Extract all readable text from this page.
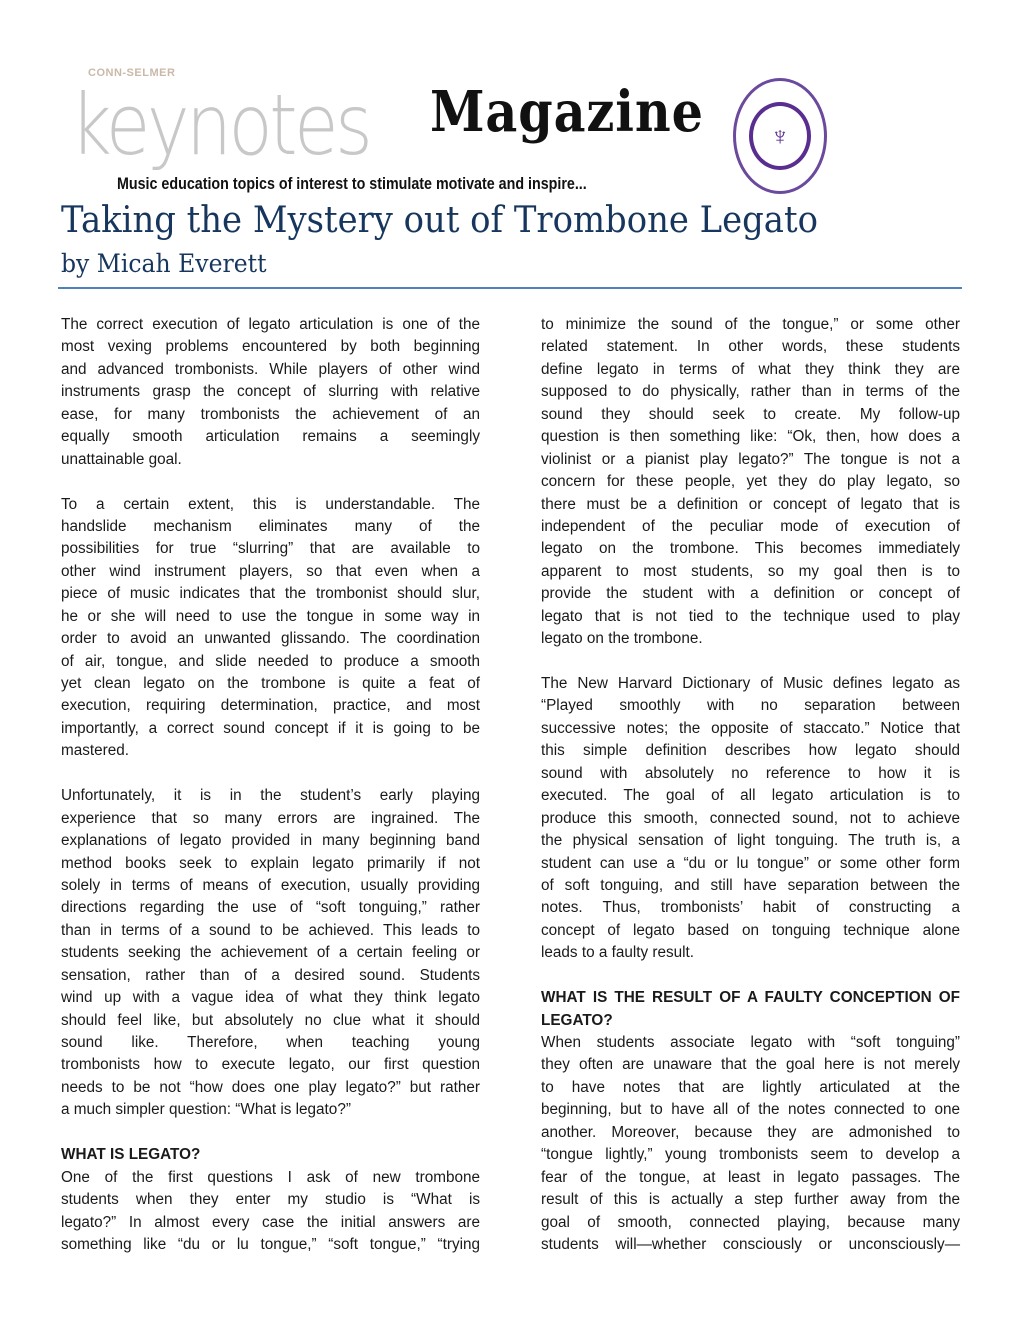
CONN-SELMER
keynotes Magazine
Music education topics of interest to stimulate motivate and inspire...
♆
Taking the Mystery out of Trombone Legato
by Micah Everett
The correct execution of legato articulation is one of the
most vexing problems encountered by both beginning
and advanced trombonists. While players of other wind
instruments grasp the concept of slurring with relative
ease, for many trombonists the achievement of an
equally smooth articulation remains a seemingly
unattainable goal.
To a certain extent, this is understandable. The
handslide mechanism eliminates many of the
possibilities for true “slurring” that are available to
other wind instrument players, so that even when a
piece of music indicates that the trombonist should slur,
he or she will need to use the tongue in some way in
order to avoid an unwanted glissando. The coordination
of air, tongue, and slide needed to produce a smooth
yet clean legato on the trombone is quite a feat of
execution, requiring determination, practice, and most
importantly, a correct sound concept if it is going to be
mastered.
Unfortunately, it is in the student’s early playing
experience that so many errors are ingrained. The
explanations of legato provided in many beginning band
method books seek to explain legato primarily if not
solely in terms of means of execution, usually providing
directions regarding the use of “soft tonguing,” rather
than in terms of a sound to be achieved. This leads to
students seeking the achievement of a certain feeling or
sensation, rather than of a desired sound. Students
wind up with a vague idea of what they think legato
should feel like, but absolutely no clue what it should
sound like. Therefore, when teaching young
trombonists how to execute legato, our first question
needs to be not “how does one play legato?” but rather
a much simpler question: “What is legato?”
WHAT IS LEGATO?
One of the first questions I ask of new trombone
students when they enter my studio is “What is
legato?” In almost every case the initial answers are
something like “du or lu tongue,” “soft tongue,” “trying
to minimize the sound of the tongue,” or some other
related statement. In other words, these students
define legato in terms of what they think they are
supposed to do physically, rather than in terms of the
sound they should seek to create. My follow-up
question is then something like: “Ok, then, how does a
violinist or a pianist play legato?” The tongue is not a
concern for these people, yet they do play legato, so
there must be a definition or concept of legato that is
independent of the peculiar mode of execution of
legato on the trombone. This becomes immediately
apparent to most students, so my goal then is to
provide the student with a definition or concept of
legato that is not tied to the technique used to play
legato on the trombone.
The New Harvard Dictionary of Music defines legato as
“Played smoothly with no separation between
successive notes; the opposite of staccato.” Notice that
this simple definition describes how legato should
sound with absolutely no reference to how it is
executed. The goal of all legato articulation is to
produce this smooth, connected sound, not to achieve
the physical sensation of light tonguing. The truth is, a
student can use a “du or lu tongue” or some other form
of soft tonguing, and still have separation between the
notes. Thus, trombonists’ habit of constructing a
concept of legato based on tonguing technique alone
leads to a faulty result.
WHAT IS THE RESULT OF A FAULTY CONCEPTION OF
LEGATO?
When students associate legato with “soft tonguing”
they often are unaware that the goal here is not merely
to have notes that are lightly articulated at the
beginning, but to have all of the notes connected to one
another. Moreover, because they are admonished to
“tongue lightly,” young trombonists seem to develop a
fear of the tongue, at least in legato passages. The
result of this is actually a step further away from the
goal of smooth, connected playing, because many
students will—whether consciously or unconsciously—
